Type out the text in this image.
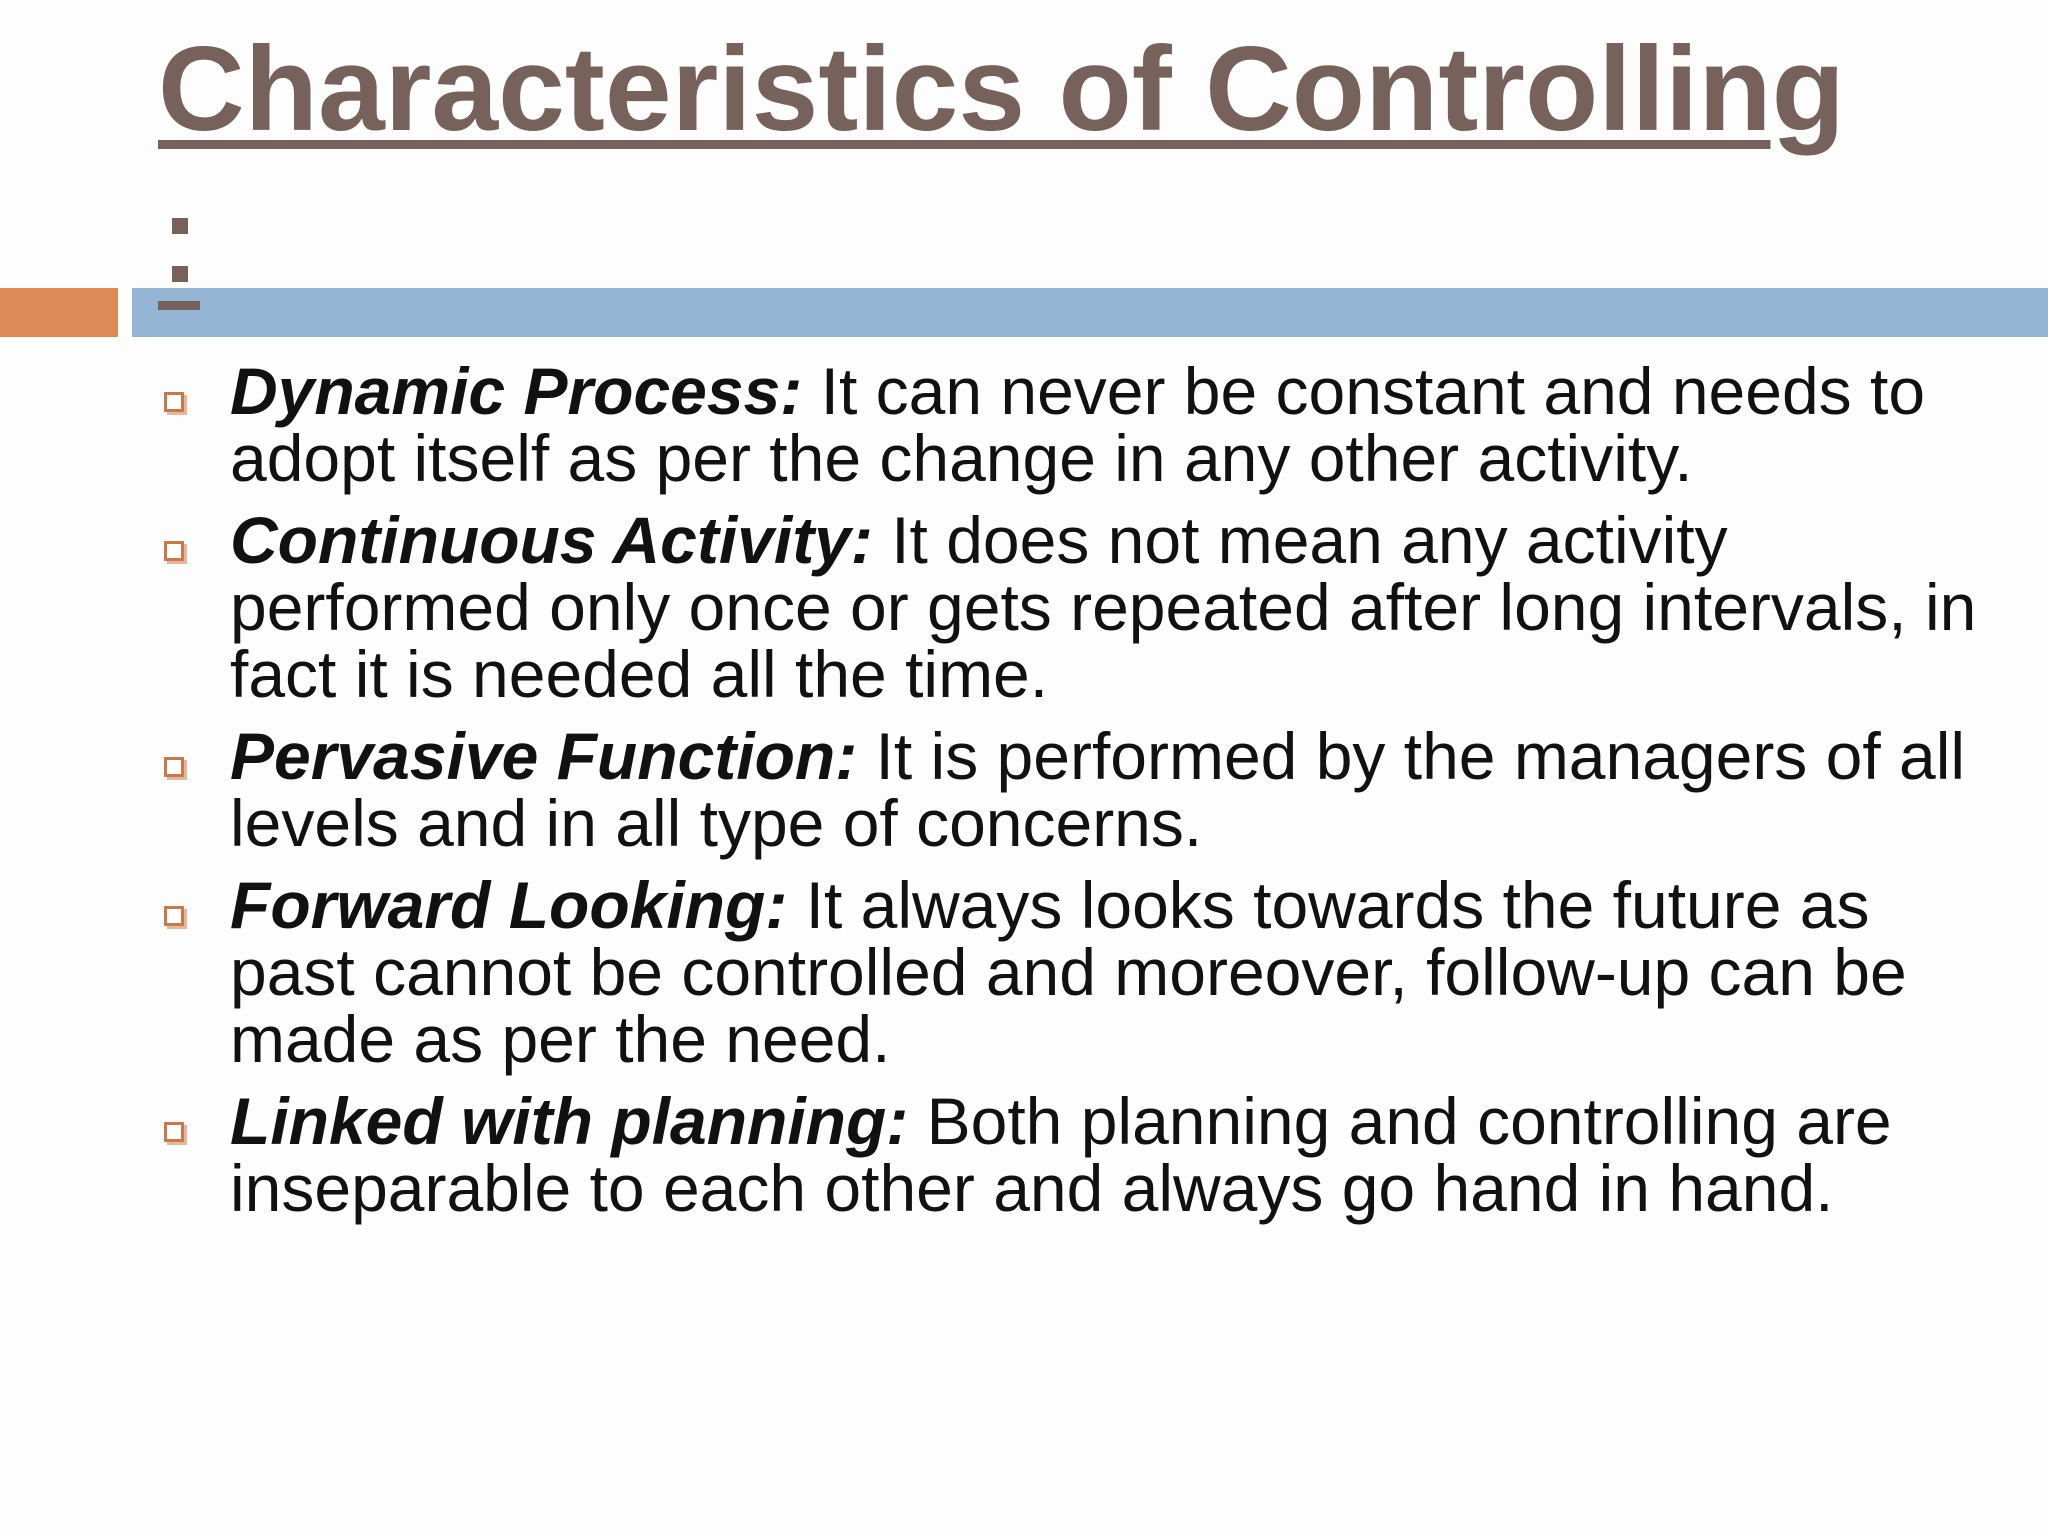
Characteristics of Controlling
Dynamic Process: It can never be constant and needs to adopt itself as per the change in any other activity.
Continuous Activity: It does not mean any activity performed only once or gets repeated after long intervals, in fact it is needed all the time.
Pervasive Function: It is performed by the managers of all levels and in all type of concerns.
Forward Looking: It always looks towards the future as past cannot be controlled and moreover, follow-up can be made as per the need.
Linked with planning: Both planning and controlling are inseparable to each other and always go hand in hand.
